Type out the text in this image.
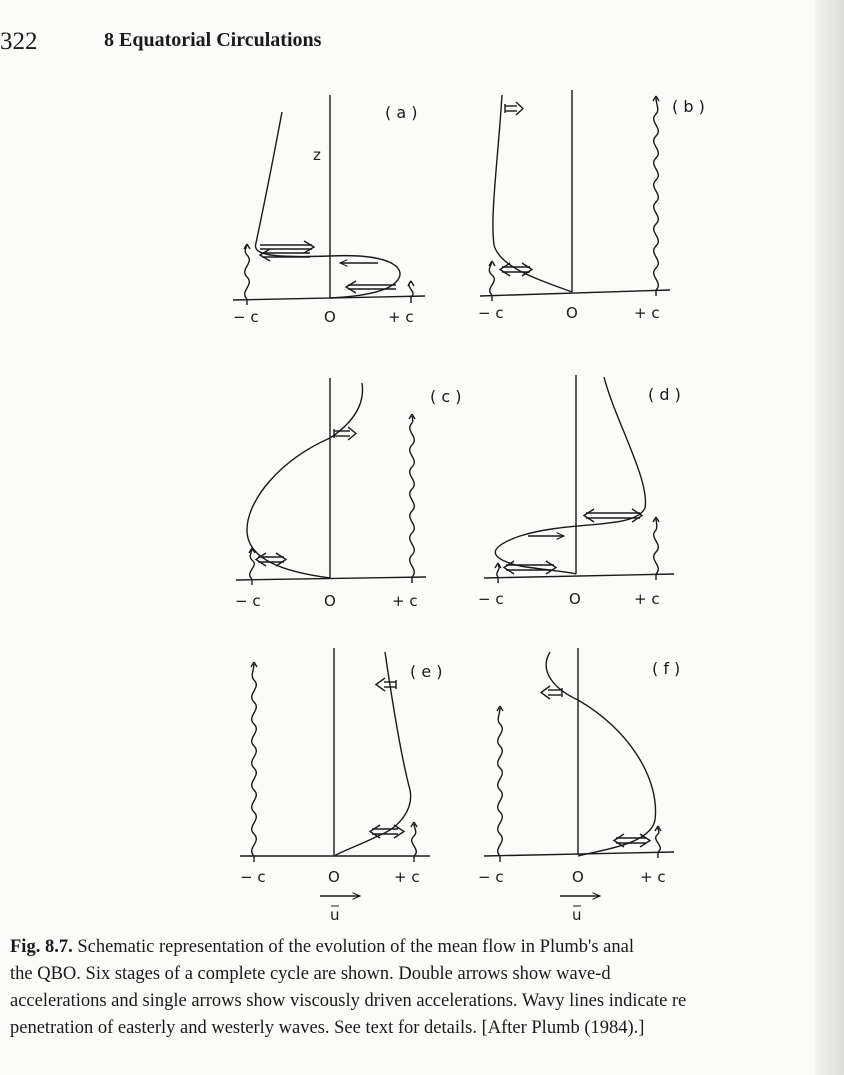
322	8 Equatorial Circulations
z
( a )
− c	O	+ c
( b )
− c	O	+ c
( c )
− c	O	+ c
( d )
− c	O	+ c
( e )
− c	O	+ c
( f )
− c	O	+ c
u	u
Fig. 8.7. Schematic representation of the evolution of the mean flow in Plumb's anal
the QBO. Six stages of a complete cycle are shown. Double arrows show wave-d
accelerations and single arrows show viscously driven accelerations. Wavy lines indicate re
penetration of easterly and westerly waves. See text for details. [After Plumb (1984).]
